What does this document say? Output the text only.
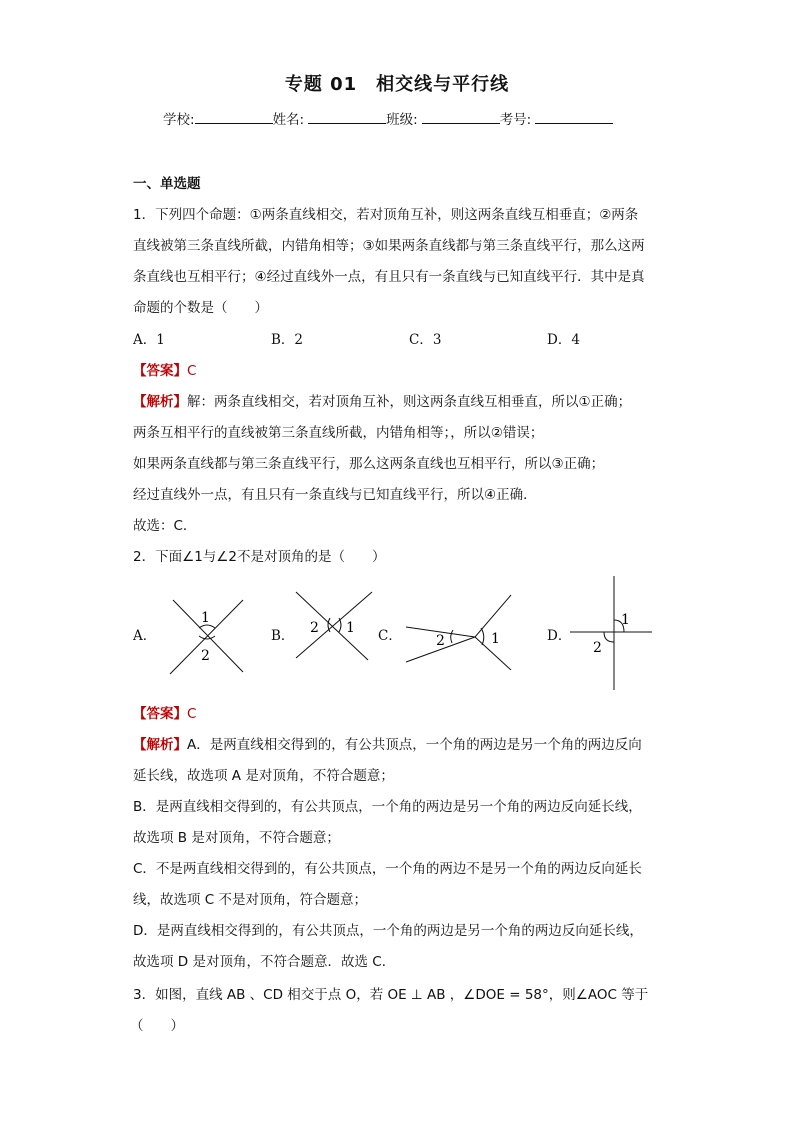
专题 01　相交线与平行线
学校:	姓名:	班级:	考号:
一、单选题
1．下列四个命题：①两条直线相交，若对顶角互补，则这两条直线互相垂直；②两条
直线被第三条直线所截，内错角相等；③如果两条直线都与第三条直线平行，那么这两
条直线也互相平行；④经过直线外一点，有且只有一条直线与已知直线平行．其中是真
命题的个数是（　　）
A．1	B．2	C．3	D．4
【答案】C
【解析】解：两条直线相交，若对顶角互补，则这两条直线互相垂直，所以①正确；
两条互相平行的直线被第三条直线所截，内错角相等；，所以②错误；
如果两条直线都与第三条直线平行，那么这两条直线也互相平行，所以③正确；
经过直线外一点，有且只有一条直线与已知直线平行，所以④正确．
故选：C．
2．下面∠1与∠2不是对顶角的是（　　）
A．	B．	C．	D．
1
2
1
2
1
2
1
2
【答案】C
【解析】A．是两直线相交得到的，有公共顶点，一个角的两边是另一个角的两边反向
延长线，故选项 A 是对顶角，不符合题意；
B．是两直线相交得到的，有公共顶点，一个角的两边是另一个角的两边反向延长线，
故选项 B 是对顶角，不符合题意；
C．不是两直线相交得到的，有公共顶点，一个角的两边不是另一个角的两边反向延长
线，故选项 C 不是对顶角，符合题意；
D．是两直线相交得到的，有公共顶点，一个角的两边是另一个角的两边反向延长线，
故选项 D 是对顶角，不符合题意．故选 C．
3．如图，直线 AB 、CD 相交于点 O，若 OE ⊥ AB ，∠DOE = 58°，则∠AOC 等于
（　　）
